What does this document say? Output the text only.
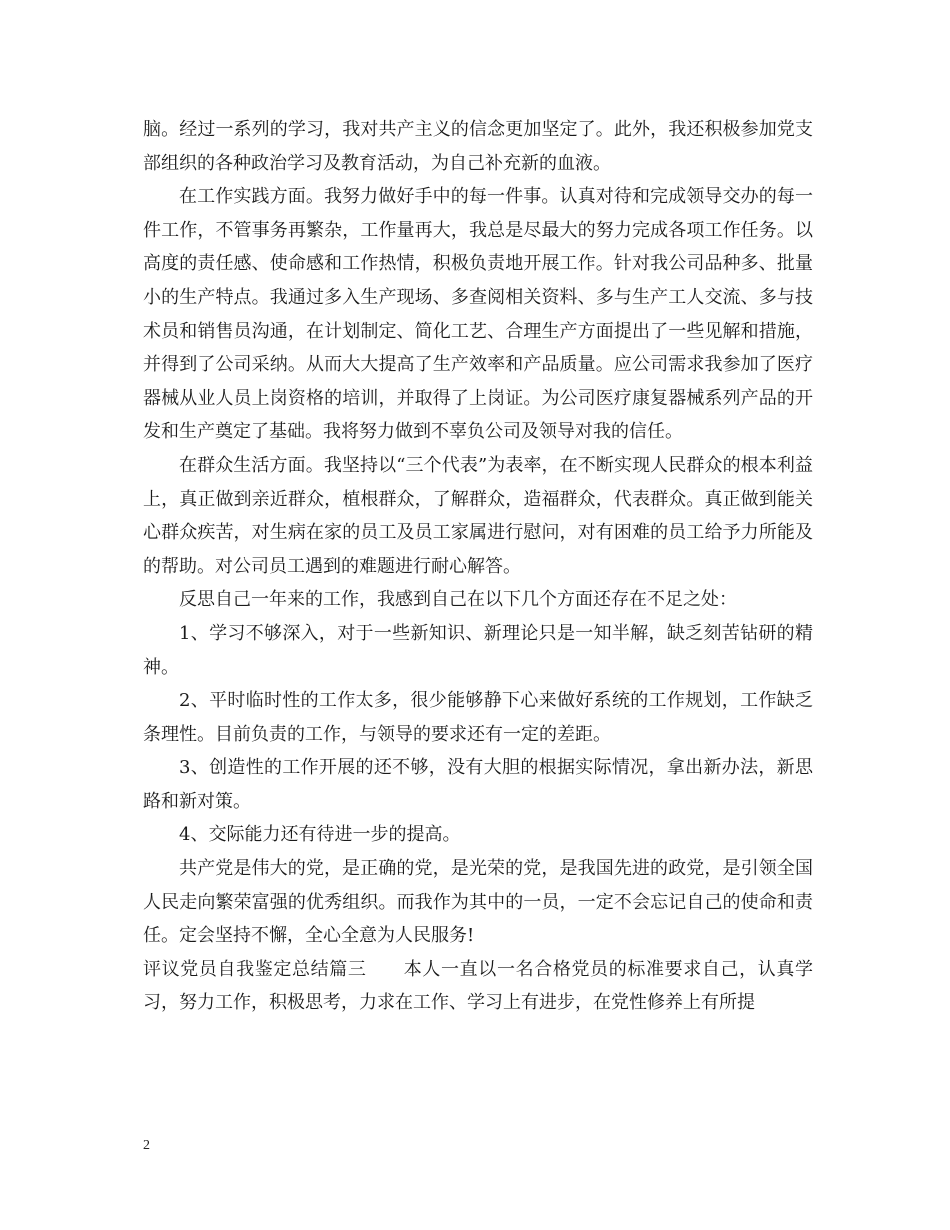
脑。经过一系列的学习，我对共产主义的信念更加坚定了。此外，我还积极参加党支部组织的各种政治学习及教育活动，为自己补充新的血液。

在工作实践方面。我努力做好手中的每一件事。认真对待和完成领导交办的每一件工作，不管事务再繁杂，工作量再大，我总是尽最大的努力完成各项工作任务。以高度的责任感、使命感和工作热情，积极负责地开展工作。针对我公司品种多、批量小的生产特点。我通过多入生产现场、多查阅相关资料、多与生产工人交流、多与技术员和销售员沟通，在计划制定、简化工艺、合理生产方面提出了一些见解和措施，并得到了公司采纳。从而大大提高了生产效率和产品质量。应公司需求我参加了医疗器械从业人员上岗资格的培训，并取得了上岗证。为公司医疗康复器械系列产品的开发和生产奠定了基础。我将努力做到不辜负公司及领导对我的信任。

在群众生活方面。我坚持以“三个代表”为表率，在不断实现人民群众的根本利益上，真正做到亲近群众，植根群众，了解群众，造福群众，代表群众。真正做到能关心群众疾苦，对生病在家的员工及员工家属进行慰问，对有困难的员工给予力所能及的帮助。对公司员工遇到的难题进行耐心解答。

反思自己一年来的工作，我感到自己在以下几个方面还存在不足之处：

1、学习不够深入，对于一些新知识、新理论只是一知半解，缺乏刻苦钻研的精神。

2、平时临时性的工作太多，很少能够静下心来做好系统的工作规划，工作缺乏条理性。目前负责的工作，与领导的要求还有一定的差距。

3、创造性的工作开展的还不够，没有大胆的根据实际情况，拿出新办法，新思路和新对策。

4、交际能力还有待进一步的提高。

共产党是伟大的党，是正确的党，是光荣的党，是我国先进的政党，是引领全国人民走向繁荣富强的优秀组织。而我作为其中的一员，一定不会忘记自己的使命和责任。定会坚持不懈，全心全意为人民服务!

评议党员自我鉴定总结篇三　　本人一直以一名合格党员的标准要求自己，认真学习，努力工作，积极思考，力求在工作、学习上有进步，在党性修养上有所提

2
